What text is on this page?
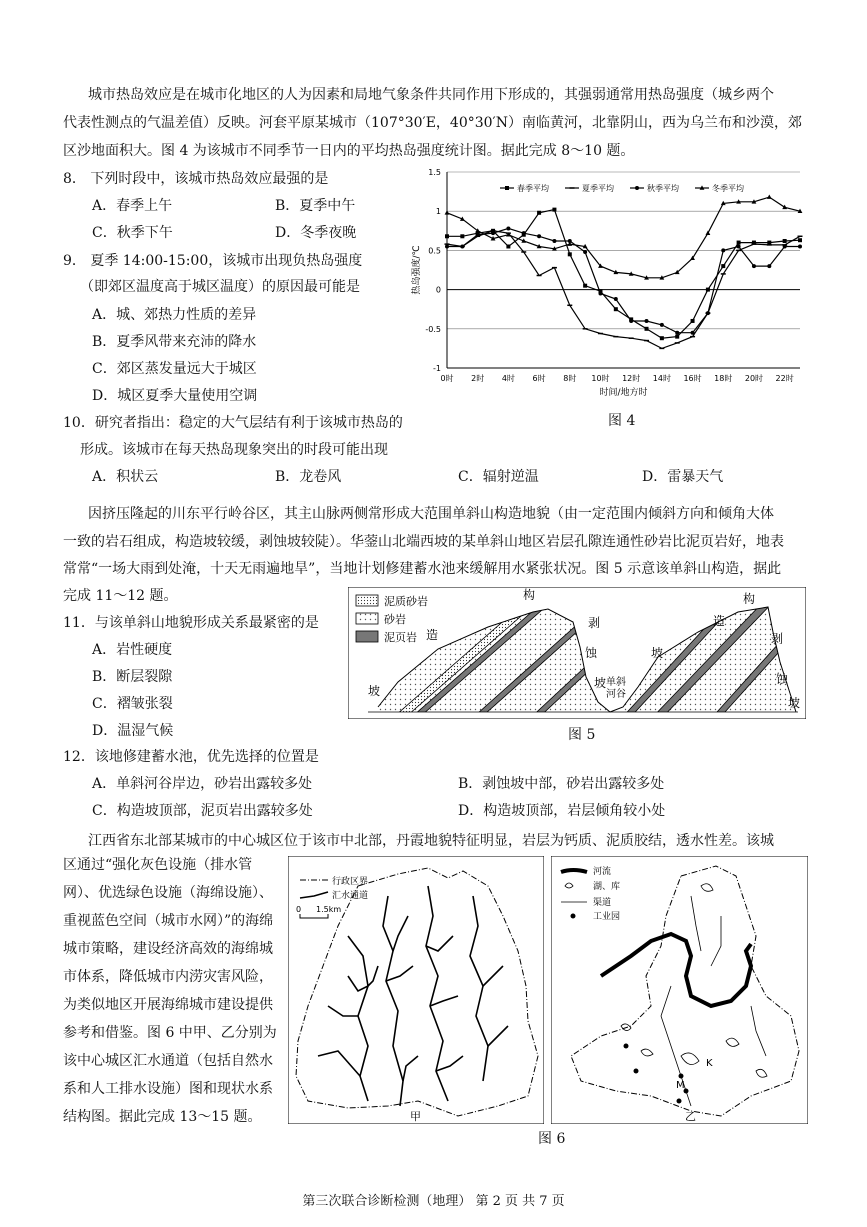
城市热岛效应是在城市化地区的人为因素和局地气象条件共同作用下形成的，其强弱通常用热岛强度（城乡两个
代表性测点的气温差值）反映。河套平原某城市（107°30′E，40°30′N）南临黄河，北靠阴山，西为乌兰布和沙漠，郊
区沙地面积大。图 4 为该城市不同季节一日内的平均热岛强度统计图。据此完成 8～10 题。
8． 下列时段中，该城市热岛效应最强的是
A．春季上午	B．夏季中午
C．秋季下午	D．冬季夜晚
9． 夏季 14:00-15:00，该城市出现负热岛强度
（即郊区温度高于城区温度）的原因最可能是
A．城、郊热力性质的差异
B．夏季风带来充沛的降水
C．郊区蒸发量远大于城区
D．城区夏季大量使用空调
10．研究者指出：稳定的大气层结有利于该城市热岛的
形成。该城市在每天热岛现象突出的时段可能出现
A．积状云	B．龙卷风	C．辐射逆温	D．雷暴天气
-1
-0.5
0
0.5
1
1.5
0时 2时 4时 6时 8时 10时 12时 14时 16时 18时 20时 22时
时间/地方时
热岛强度/℃
春季平均	夏季平均	秋季平均	冬季平均
图 4
因挤压隆起的川东平行岭谷区，其主山脉两侧常形成大范围单斜山构造地貌（由一定范围内倾斜方向和倾角大体
一致的岩石组成，构造坡较缓，剥蚀坡较陡）。华蓥山北端西坡的某单斜山地区岩层孔隙连通性砂岩比泥页岩好，地表
常常“一场大雨到处淹，十天无雨遍地旱”，当地计划修建蓄水池来缓解用水紧张状况。图 5 示意该单斜山构造，据此
完成 11～12 题。
11．与该单斜山地貌形成关系最紧密的是
A．岩性硬度
B．断层裂隙
C．褶皱张裂
D．温湿气候
泥质砂岩
砂岩
泥页岩 造
构
坡
剥
蚀
坡 单斜
河谷
造
构
坡
剥
蚀
坡
图 5
12．该地修建蓄水池，优先选择的位置是
A．单斜河谷岸边，砂岩出露较多处	B．剥蚀坡中部，砂岩出露较多处
C．构造坡顶部，泥页岩出露较多处	D．构造坡顶部，岩层倾角较小处
江西省东北部某城市的中心城区位于该市中北部，丹霞地貌特征明显，岩层为钙质、泥质胶结，透水性差。该城
区通过“强化灰色设施（排水管网）、优选绿色设施（海绵设施）、重视蓝色空间（城市水网）”的海绵城市策略，建设经济高效的海绵城市体系，降低城市内涝灾害风险，为类似地区开展海绵城市建设提供参考和借鉴。图 6 中甲、乙分别为该中心城区汇水通道（包括自然水系和人工排水设施）图和现状水系结构图。据此完成 13～15 题。
行政区界
汇水通道
0 1.5km
甲
河流
湖、库
渠道
工业园
K
M
乙
图 6
第三次联合诊断检测（地理） 第 2 页 共 7 页
